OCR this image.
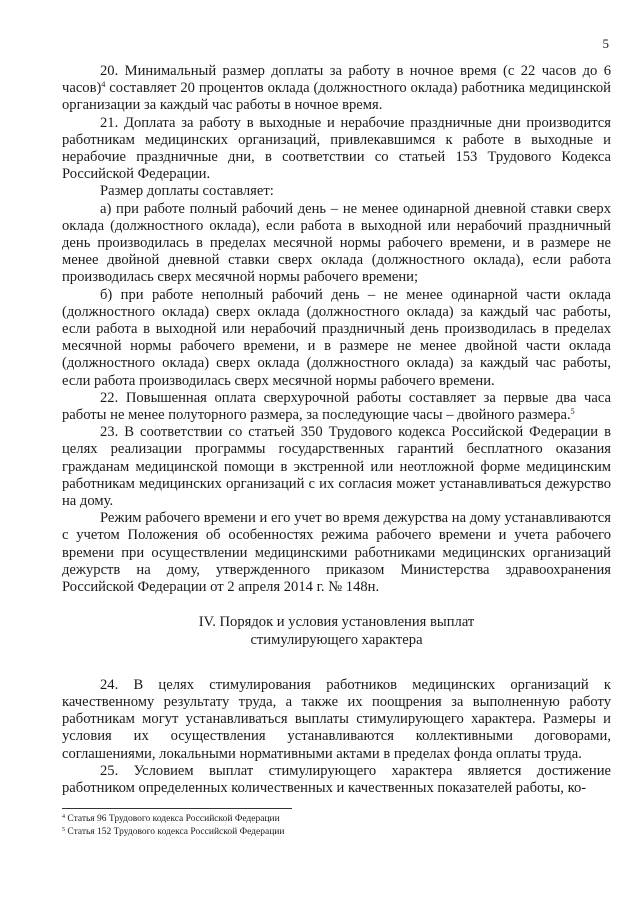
5

20. Минимальный размер доплаты за работу в ночное время (с 22 часов до 6 часов)$^4$ составляет 20 процентов оклада (должностного оклада) работника медицинской организации за каждый час работы в ночное время.

21. Доплата за работу в выходные и нерабочие праздничные дни производится работникам медицинских организаций, привлекавшимся к работе в выходные и нерабочие праздничные дни, в соответствии со статьей 153 Трудового Кодекса Российской Федерации.

Размер доплаты составляет:

а) при работе полный рабочий день – не менее одинарной дневной ставки сверх оклада (должностного оклада), если работа в выходной или нерабочий праздничный день производилась в пределах месячной нормы рабочего времени, и в размере не менее двойной дневной ставки сверх оклада (должностного оклада), если работа производилась сверх месячной нормы рабочего времени;

б) при работе неполный рабочий день – не менее одинарной части оклада (должностного оклада) сверх оклада (должностного оклада) за каждый час работы, если работа в выходной или нерабочий праздничный день производилась в пределах месячной нормы рабочего времени, и в размере не менее двойной части оклада (должностного оклада) сверх оклада (должностного оклада) за каждый час работы, если работа производилась сверх месячной нормы рабочего времени.

22. Повышенная оплата сверхурочной работы составляет за первые два часа работы не менее полуторного размера, за последующие часы – двойного размера.$^5$

23. В соответствии со статьей 350 Трудового кодекса Российской Федерации в целях реализации программы государственных гарантий бесплатного оказания гражданам медицинской помощи в экстренной или неотложной форме медицинским работникам медицинских организаций с их согласия может устанавливаться дежурство на дому.

Режим рабочего времени и его учет во время дежурства на дому устанавливаются с учетом Положения об особенностях режима рабочего времени и учета рабочего времени при осуществлении медицинскими работниками медицинских организаций дежурств на дому, утвержденного приказом Министерства здравоохранения Российской Федерации от 2 апреля 2014 г. № 148н.

IV. Порядок и условия установления выплат
стимулирующего характера

24. В целях стимулирования работников медицинских организаций к качественному результату труда, а также их поощрения за выполненную работу работникам могут устанавливаться выплаты стимулирующего характера. Размеры и условия их осуществления устанавливаются коллективными договорами, соглашениями, локальными нормативными актами в пределах фонда оплаты труда.

25. Условием выплат стимулирующего характера является достижение работником определенных количественных и качественных показателей работы, ко-

$^4$ Статья 96 Трудового кодекса Российской Федерации
$^5$ Статья 152 Трудового кодекса Российской Федерации
